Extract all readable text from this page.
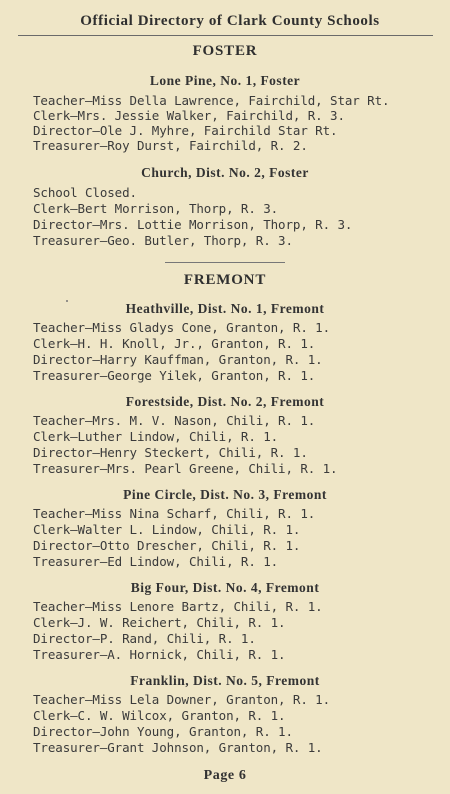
Official Directory of Clark County Schools
FOSTER
Lone Pine, No. 1, Foster
Teacher—Miss Della Lawrence, Fairchild, Star Rt.
Clerk—Mrs. Jessie Walker, Fairchild, R. 3.
Director—Ole J. Myhre, Fairchild Star Rt.
Treasurer—Roy Durst, Fairchild, R. 2.
Church, Dist. No. 2, Foster
School Closed.
Clerk—Bert Morrison, Thorp, R. 3.
Director—Mrs. Lottie Morrison, Thorp, R. 3.
Treasurer—Geo. Butler, Thorp, R. 3.
FREMONT
Heathville, Dist. No. 1, Fremont
Teacher—Miss Gladys Cone, Granton, R. 1.
Clerk—H. H. Knoll, Jr., Granton, R. 1.
Director—Harry Kauffman, Granton, R. 1.
Treasurer—George Yilek, Granton, R. 1.
Forestside, Dist. No. 2, Fremont
Teacher—Mrs. M. V. Nason, Chili, R. 1.
Clerk—Luther Lindow, Chili, R. 1.
Director—Henry Steckert, Chili, R. 1.
Treasurer—Mrs. Pearl Greene, Chili, R. 1.
Pine Circle, Dist. No. 3, Fremont
Teacher—Miss Nina Scharf, Chili, R. 1.
Clerk—Walter L. Lindow, Chili, R. 1.
Director—Otto Drescher, Chili, R. 1.
Treasurer—Ed Lindow, Chili, R. 1.
Big Four, Dist. No. 4, Fremont
Teacher—Miss Lenore Bartz, Chili, R. 1.
Clerk—J. W. Reichert, Chili, R. 1.
Director—P. Rand, Chili, R. 1.
Treasurer—A. Hornick, Chili, R. 1.
Franklin, Dist. No. 5, Fremont
Teacher—Miss Lela Downer, Granton, R. 1.
Clerk—C. W. Wilcox, Granton, R. 1.
Director—John Young, Granton, R. 1.
Treasurer—Grant Johnson, Granton, R. 1.
Page 6
